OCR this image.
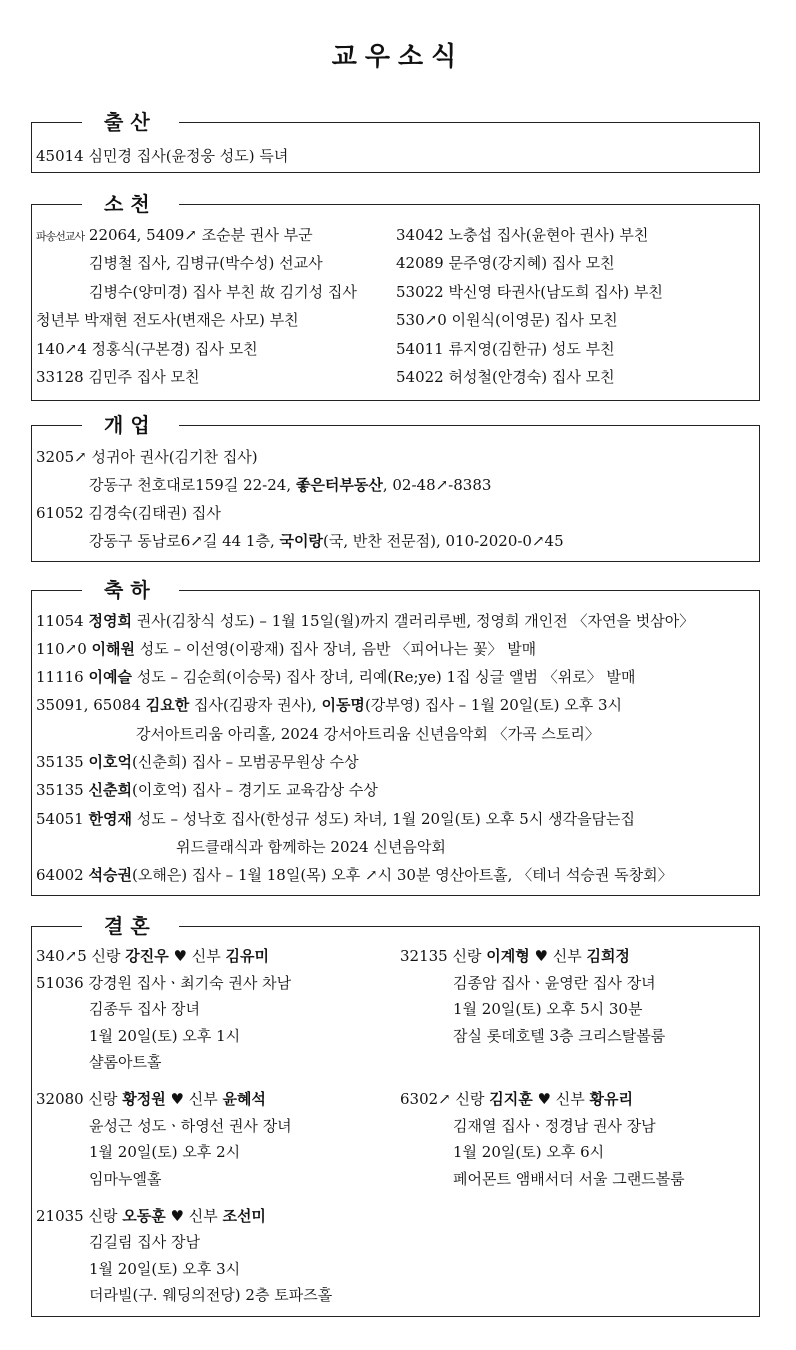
교우소식
출산
45014 심민경 집사(윤정웅 성도) 득녀
소천
파송선교사 22064, 5409↗ 조순분 권사 부군
김병철 집사, 김병규(박수성) 선교사
김병수(양미경) 집사 부친 故 김기성 집사
청년부 박재현 전도사(변재은 사모) 부친
140↗4 정홍식(구본경) 집사 모친
33128 김민주 집사 모친
34042 노충섭 집사(윤현아 권사) 부친
42089 문주영(강지혜) 집사 모친
53022 박신영 타권사(남도희 집사) 부친
530↗0 이원식(이영문) 집사 모친
54011 류지영(김한규) 성도 부친
54022 허성철(안경숙) 집사 모친
개업
3205↗ 성귀아 권사(김기찬 집사)
강동구 천호대로159길 22-24, 좋은터부동산, 02-48↗-8383
61052 김경숙(김태권) 집사
강동구 동남로6↗길 44 1층, 국이랑(국, 반찬 전문점), 010-2020-0↗45
축하
11054 정영희 권사(김창식 성도) – 1월 15일(월)까지 갤러리루벤, 정영희 개인전 〈자연을 벗삼아〉
110↗0 이해원 성도 – 이선영(이광재) 집사 장녀, 음반 〈피어나는 꽃〉 발매
11116 이예슬 성도 – 김순희(이승묵) 집사 장녀, 리예(Re;ye) 1집 싱글 앨범 〈위로〉 발매
35091, 65084 김요한 집사(김광자 권사), 이동명(강부영) 집사 – 1월 20일(토) 오후 3시
강서아트리움 아리홀, 2024 강서아트리움 신년음악회 〈가곡 스토리〉
35135 이호억(신춘희) 집사 – 모범공무원상 수상
35135 신춘희(이호억) 집사 – 경기도 교육감상 수상
54051 한영재 성도 – 성낙호 집사(한성규 성도) 차녀, 1월 20일(토) 오후 5시 생각을담는집
위드클래식과 함께하는 2024 신년음악회
64002 석승권(오해은) 집사 – 1월 18일(목) 오후 ↗시 30분 영산아트홀, 〈테너 석승권 독창회〉
결혼
340↗5 신랑 강진우 ♥ 신부 김유미
51036 강경원 집사ㆍ최기숙 권사 차남
김종두 집사 장녀
1월 20일(토) 오후 1시
샬롬아트홀
32135 신랑 이계형 ♥ 신부 김희정
김종암 집사ㆍ윤영란 집사 장녀
1월 20일(토) 오후 5시 30분
잠실 롯데호텔 3층 크리스탈볼룸
32080 신랑 황정원 ♥ 신부 윤혜석
윤성근 성도ㆍ하영선 권사 장녀
1월 20일(토) 오후 2시
임마누엘홀
6302↗ 신랑 김지훈 ♥ 신부 황유리
김재열 집사ㆍ정경남 권사 장남
1월 20일(토) 오후 6시
페어몬트 앰배서더 서울 그랜드볼룸
21035 신랑 오동훈 ♥ 신부 조선미
김길림 집사 장남
1월 20일(토) 오후 3시
더라빌(구. 웨딩의전당) 2층 토파즈홀
